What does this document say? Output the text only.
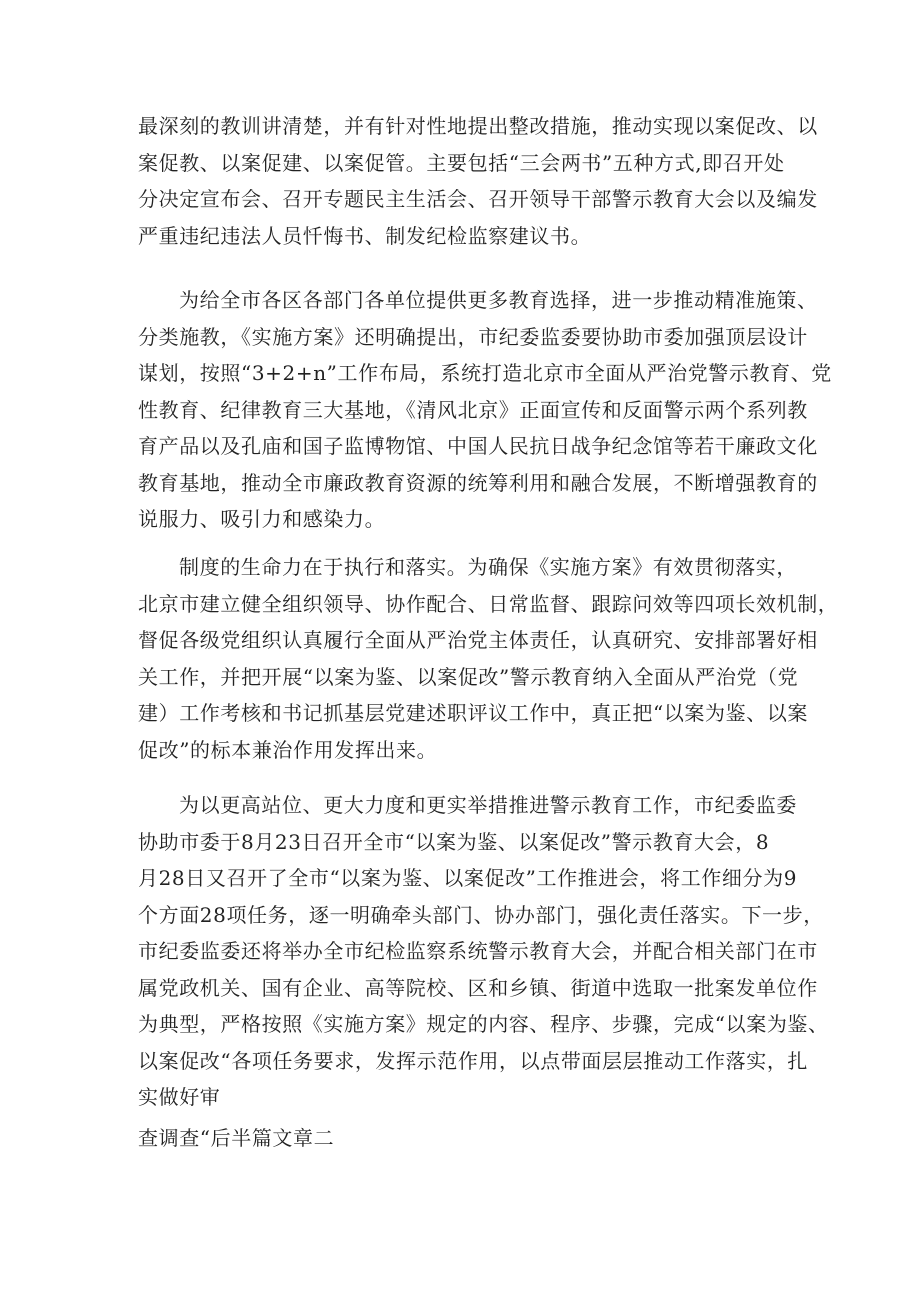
最深刻的教训讲清楚，并有针对性地提出整改措施，推动实现以案促改、以
案促教、以案促建、以案促管。主要包括“三会两书”五种方式,即召开处
分决定宣布会、召开专题民主生活会、召开领导干部警示教育大会以及编发
严重违纪违法人员忏悔书、制发纪检监察建议书。
为给全市各区各部门各单位提供更多教育选择，进一步推动精准施策、
分类施教，《实施方案》还明确提出，市纪委监委要协助市委加强顶层设计
谋划，按照“3+2+n”工作布局，系统打造北京市全面从严治党警示教育、党
性教育、纪律教育三大基地，《清风北京》正面宣传和反面警示两个系列教
育产品以及孔庙和国子监博物馆、中国人民抗日战争纪念馆等若干廉政文化
教育基地，推动全市廉政教育资源的统筹利用和融合发展，不断增强教育的
说服力、吸引力和感染力。
制度的生命力在于执行和落实。为确保《实施方案》有效贯彻落实，
北京市建立健全组织领导、协作配合、日常监督、跟踪问效等四项长效机制，
督促各级党组织认真履行全面从严治党主体责任，认真研究、安排部署好相
关工作，并把开展“以案为鉴、以案促改”警示教育纳入全面从严治党（党
建）工作考核和书记抓基层党建述职评议工作中，真正把“以案为鉴、以案
促改”的标本兼治作用发挥出来。
为以更高站位、更大力度和更实举措推进警示教育工作，市纪委监委
协助市委于8月23日召开全市“以案为鉴、以案促改”警示教育大会，8
月28日又召开了全市“以案为鉴、以案促改”工作推进会，将工作细分为9
个方面28项任务，逐一明确牵头部门、协办部门，强化责任落实。下一步，
市纪委监委还将举办全市纪检监察系统警示教育大会，并配合相关部门在市
属党政机关、国有企业、高等院校、区和乡镇、街道中选取一批案发单位作
为典型，严格按照《实施方案》规定的内容、程序、步骤，完成“以案为鉴、
以案促改“各项任务要求，发挥示范作用，以点带面层层推动工作落实，扎
实做好审
查调查“后半篇文章二
